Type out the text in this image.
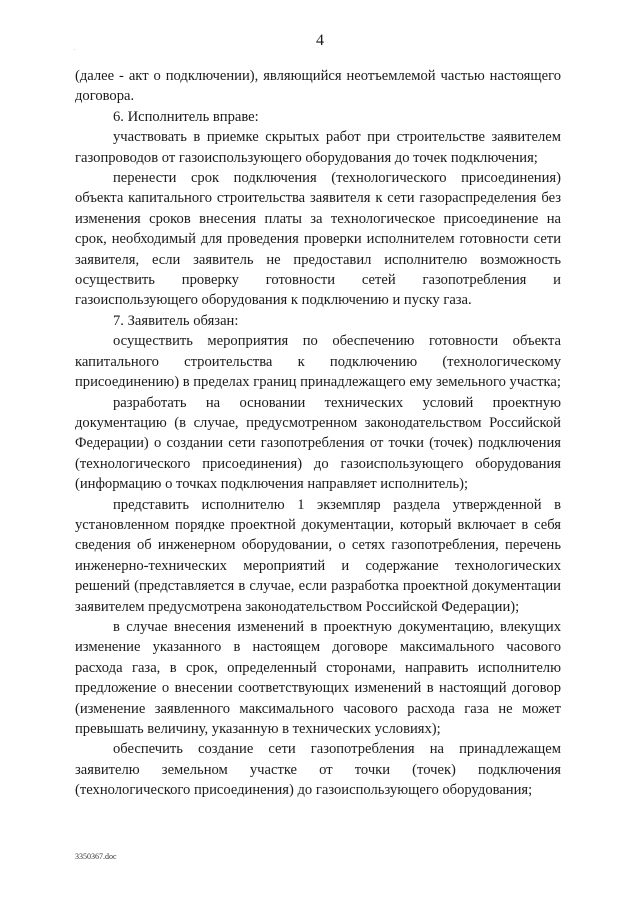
.	4

(далее - акт о подключении), являющийся неотъемлемой частью настоящего договора.

6. Исполнитель вправе:

участвовать в приемке скрытых работ при строительстве заявителем газопроводов от газоиспользующего оборудования до точек подключения;

перенести срок подключения (технологического присоединения) объекта капитального строительства заявителя к сети газораспределения без изменения сроков внесения платы за технологическое присоединение на срок, необходимый для проведения проверки исполнителем готовности сети заявителя, если заявитель не предоставил исполнителю возможность осуществить проверку готовности сетей газопотребления и газоиспользующего оборудования к подключению и пуску газа.

7. Заявитель обязан:

осуществить мероприятия по обеспечению готовности объекта капитального строительства к подключению (технологическому присоединению) в пределах границ принадлежащего ему земельного участка;

разработать на основании технических условий проектную документацию (в случае, предусмотренном законодательством Российской Федерации) о создании сети газопотребления от точки (точек) подключения (технологического присоединения) до газоиспользующего оборудования (информацию о точках подключения направляет исполнитель);

представить исполнителю 1 экземпляр раздела утвержденной в установленном порядке проектной документации, который включает в себя сведения об инженерном оборудовании, о сетях газопотребления, перечень инженерно-технических мероприятий и содержание технологических решений (представляется в случае, если разработка проектной документации заявителем предусмотрена законодательством Российской Федерации);

в случае внесения изменений в проектную документацию, влекущих изменение указанного в настоящем договоре максимального часового расхода газа, в срок, определенный сторонами, направить исполнителю предложение о внесении соответствующих изменений в настоящий договор (изменение заявленного максимального часового расхода газа не может превышать величину, указанную в технических условиях);

обеспечить создание сети газопотребления на принадлежащем заявителю земельном участке от точки (точек) подключения (технологического присоединения) до газоиспользующего оборудования;

3350367.doc
